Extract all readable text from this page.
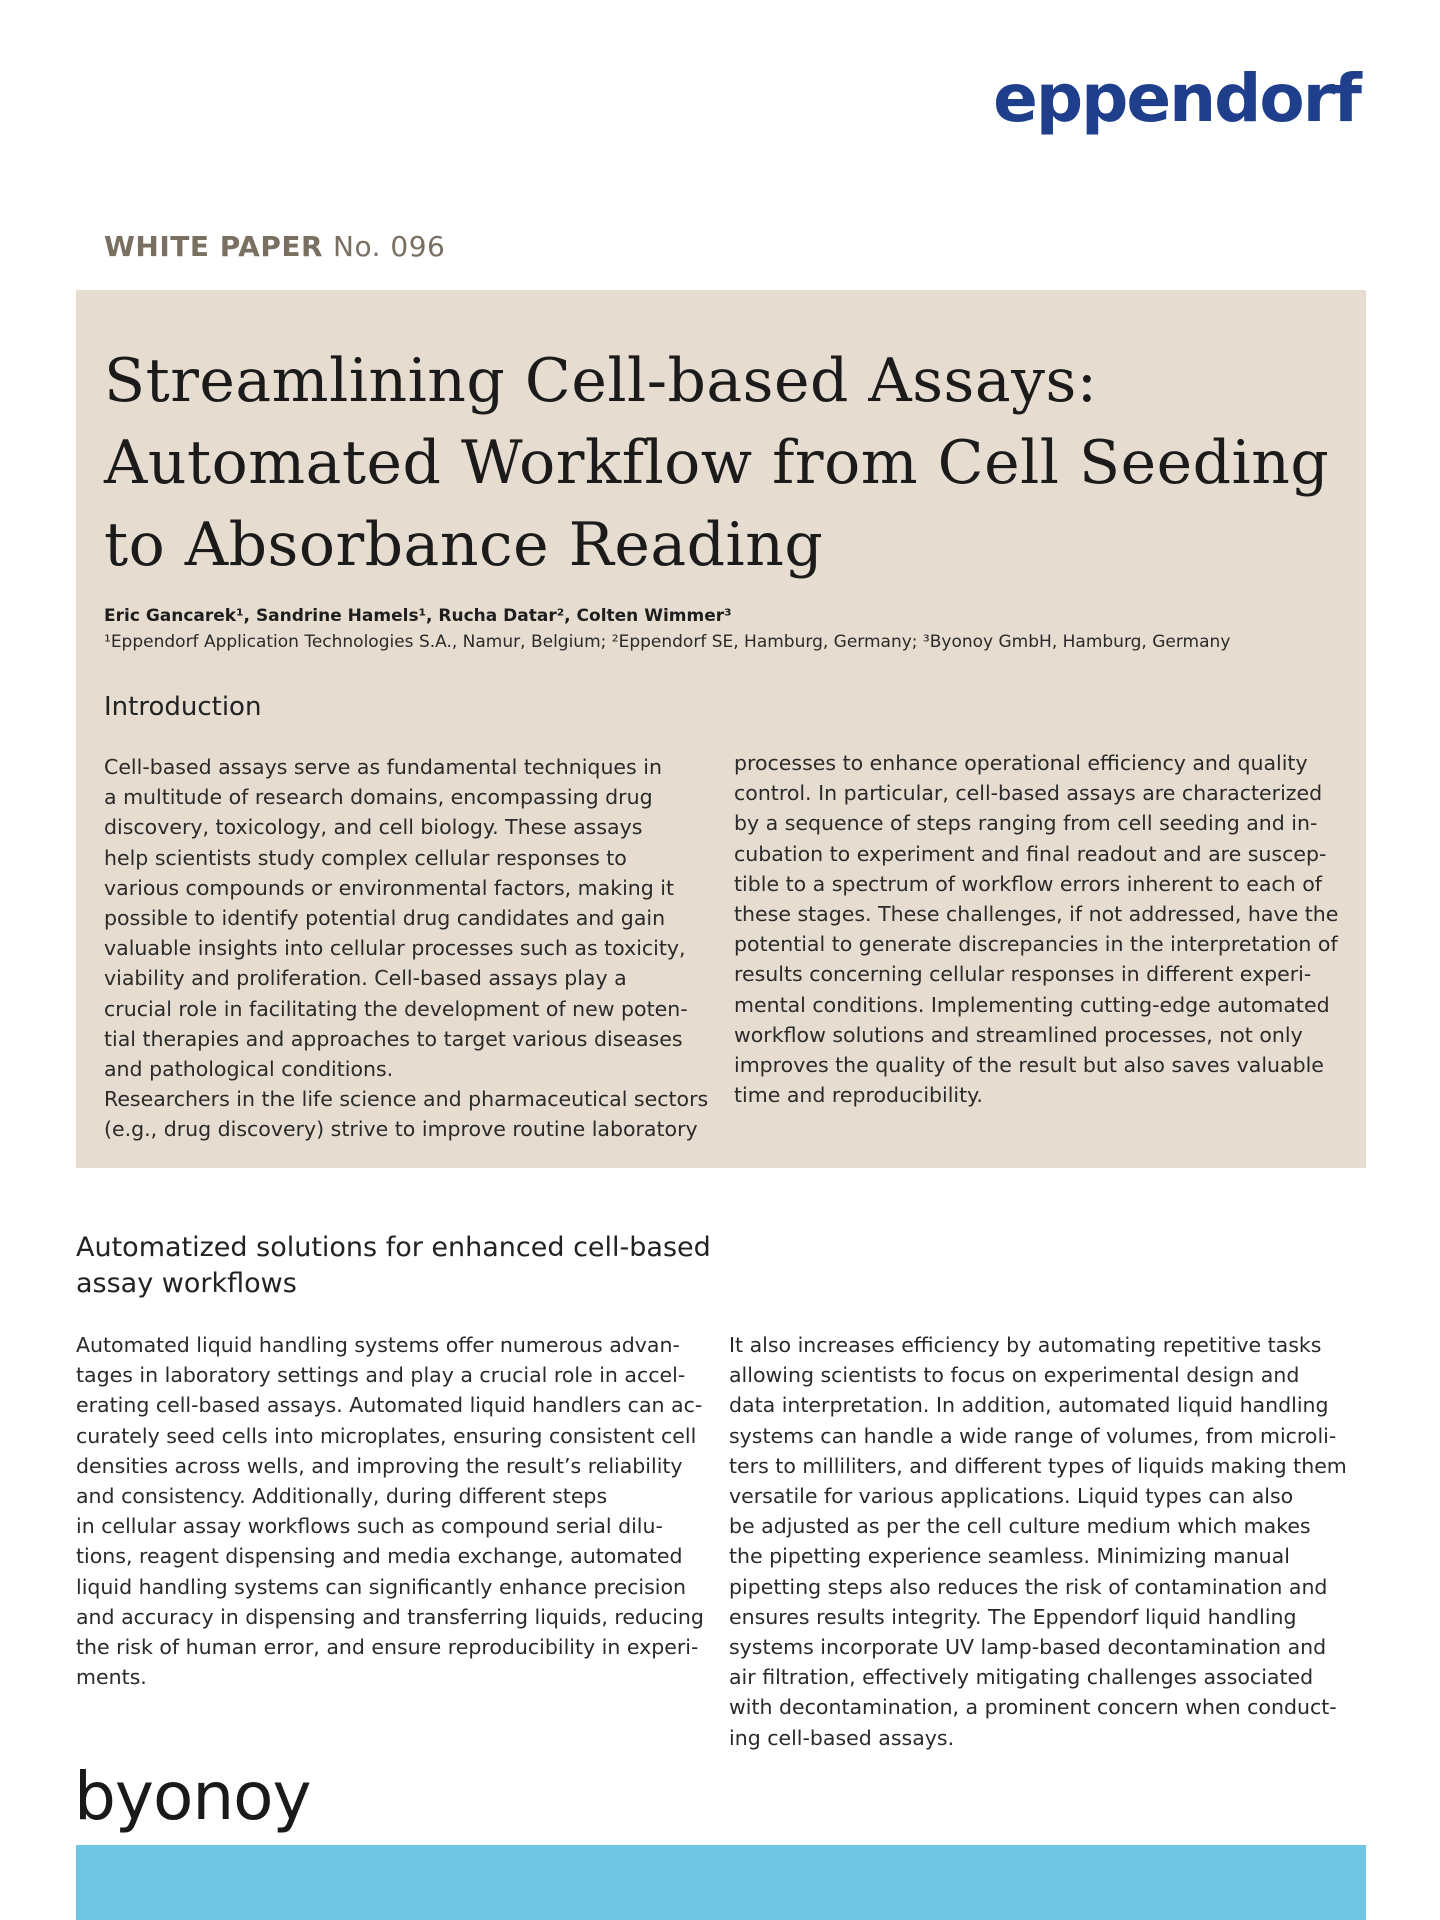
eppendorf
WHITE PAPER No. 096
Streamlining Cell-based Assays: Automated Workflow from Cell Seeding to Absorbance Reading
Eric Gancarek¹, Sandrine Hamels¹, Rucha Datar², Colten Wimmer³
¹Eppendorf Application Technologies S.A., Namur, Belgium; ²Eppendorf SE, Hamburg, Germany; ³Byonoy GmbH, Hamburg, Germany
Introduction

Cell-based assays serve as fundamental techniques in
a multitude of research domains, encompassing drug
discovery, toxicology, and cell biology. These assays
help scientists study complex cellular responses to
various compounds or environmental factors, making it
possible to identify potential drug candidates and gain
valuable insights into cellular processes such as toxicity,
viability and proliferation. Cell-based assays play a
crucial role in facilitating the development of new poten-
tial therapies and approaches to target various diseases
and pathological conditions.
Researchers in the life science and pharmaceutical sectors
(e.g., drug discovery) strive to improve routine laboratory

processes to enhance operational efficiency and quality
control. In particular, cell-based assays are characterized
by a sequence of steps ranging from cell seeding and in-
cubation to experiment and final readout and are suscep-
tible to a spectrum of workflow errors inherent to each of
these stages. These challenges, if not addressed, have the
potential to generate discrepancies in the interpretation of
results concerning cellular responses in different experi-
mental conditions. Implementing cutting-edge automated
workflow solutions and streamlined processes, not only
improves the quality of the result but also saves valuable
time and reproducibility.

Automatized solutions for enhanced cell-based
assay workflows

Automated liquid handling systems offer numerous advan-
tages in laboratory settings and play a crucial role in accel-
erating cell-based assays. Automated liquid handlers can ac-
curately seed cells into microplates, ensuring consistent cell
densities across wells, and improving the result’s reliability
and consistency. Additionally, during different steps
in cellular assay workflows such as compound serial dilu-
tions, reagent dispensing and media exchange, automated
liquid handling systems can significantly enhance precision
and accuracy in dispensing and transferring liquids, reducing
the risk of human error, and ensure reproducibility in experi-
ments.

It also increases efficiency by automating repetitive tasks
allowing scientists to focus on experimental design and
data interpretation. In addition, automated liquid handling
systems can handle a wide range of volumes, from microli-
ters to milliliters, and different types of liquids making them
versatile for various applications. Liquid types can also
be adjusted as per the cell culture medium which makes
the pipetting experience seamless. Minimizing manual
pipetting steps also reduces the risk of contamination and
ensures results integrity. The Eppendorf liquid handling
systems incorporate UV lamp-based decontamination and
air filtration, effectively mitigating challenges associated
with decontamination, a prominent concern when conduct-
ing cell-based assays.

byonoy
